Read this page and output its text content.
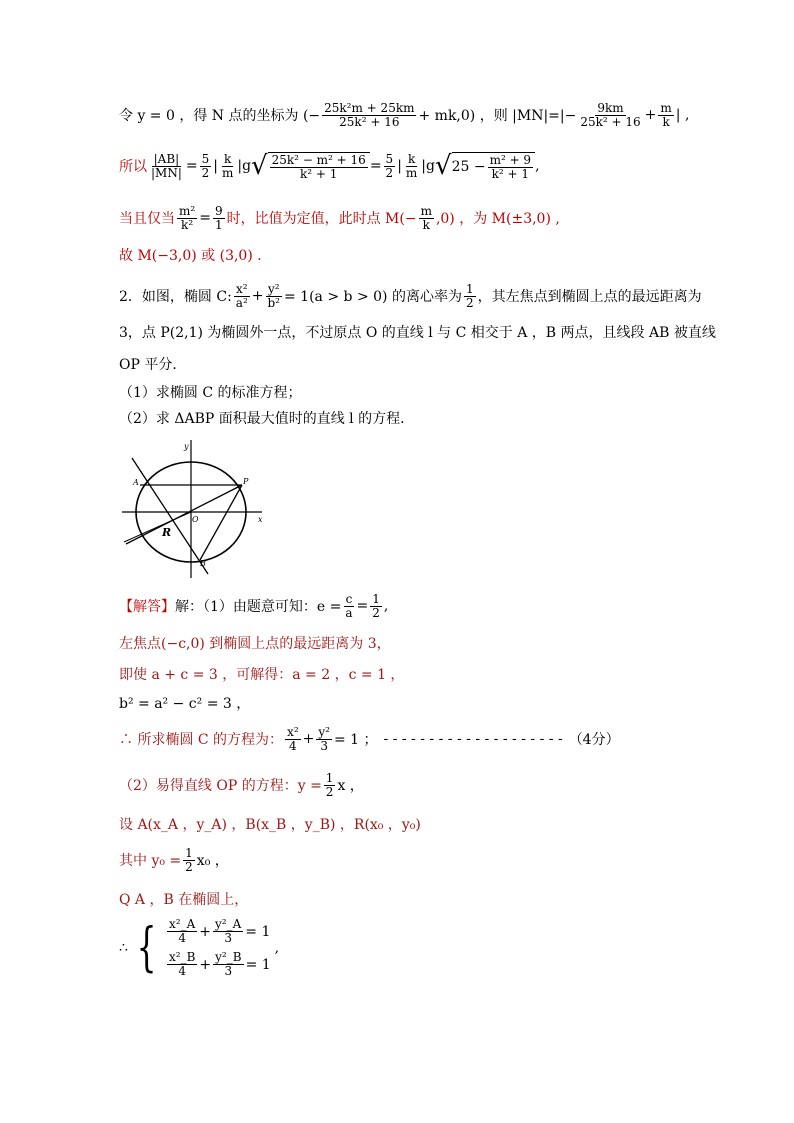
令 y = 0 ，得 N 点的坐标为 (− $\frac{\text{25k²m + 25km}}{\text{25k² + 16}} + mk,0$) ，则 $|MN|=|- \frac{9km}{\text{25k² + 16}} + \frac{m}{k}$ | ,
所以 $\frac{|AB|}{|MN|} = \frac{5}{2}$ | $\frac{k}{m} |g$ √ $\frac{\text{25k² − m² + 16}}{\text{k² + 1}} = \frac{5}{2}$ | $\frac{k}{m} |g$ √ $25 - \frac{\text{m² + 9}}{\text{k² + 1}}$ ,
当且仅当 $\frac{\text{m²}}{\text{k²}} = \frac{9}{1}$ 时，比值为定值，此时点 $M(- \frac{m}{k} ,0)$ ，为 M(±3,0) ,
故 M(−3,0) 或 (3,0) .
2．如图，椭圆 C: $\frac{\text{x²}}{\text{a²}} + \frac{\text{y²}}{\text{b²}} = 1(a > b > 0)$ 的离心率为 $\frac{1}{2}$ ，其左焦点到椭圆上点的最远距离为
3，点 P(2,1) 为椭圆外一点，不过原点 O 的直线 l 与 C 相交于 A ，B 两点，且线段 AB 被直线
OP 平分．
（1）求椭圆 C 的标准方程；
（2）求 ΔABP 面积最大值时的直线 l 的方程．
y
x
A	P
O
R
B
【解答】 解：（1）由题意可知：$e = \frac{c}{a} = \frac{1}{2}$ ,
左焦点(−c,0) 到椭圆上点的最远距离为 3，
即使 a + c = 3 ，可解得：a = 2 ，c = 1 ，
b² = a² − c² = 3 ，
∴ 所求椭圆 C 的方程为： $\frac{\text{x²}}{4} + \frac{\text{y²}}{3} = 1$ ； - - - - - - - - - - - - - - - - - - - - （4分）
（2）易得直线 OP 的方程：$y = \frac{1}{2}$ x ，
设 A(x_A ，y_A) ，B(x_B ，y_B) ，R(x₀ ，y₀)
其中 $y_0 = \frac{1}{2} x_0$ ，
Q A ，B 在椭圆上，
∴ { $\frac{\text{x²\_A}}{4} + \frac{\text{y²\_A}}{3} = 1$
$\frac{\text{x²\_B}}{4} + \frac{\text{y²\_B}}{3} = 1$
,
